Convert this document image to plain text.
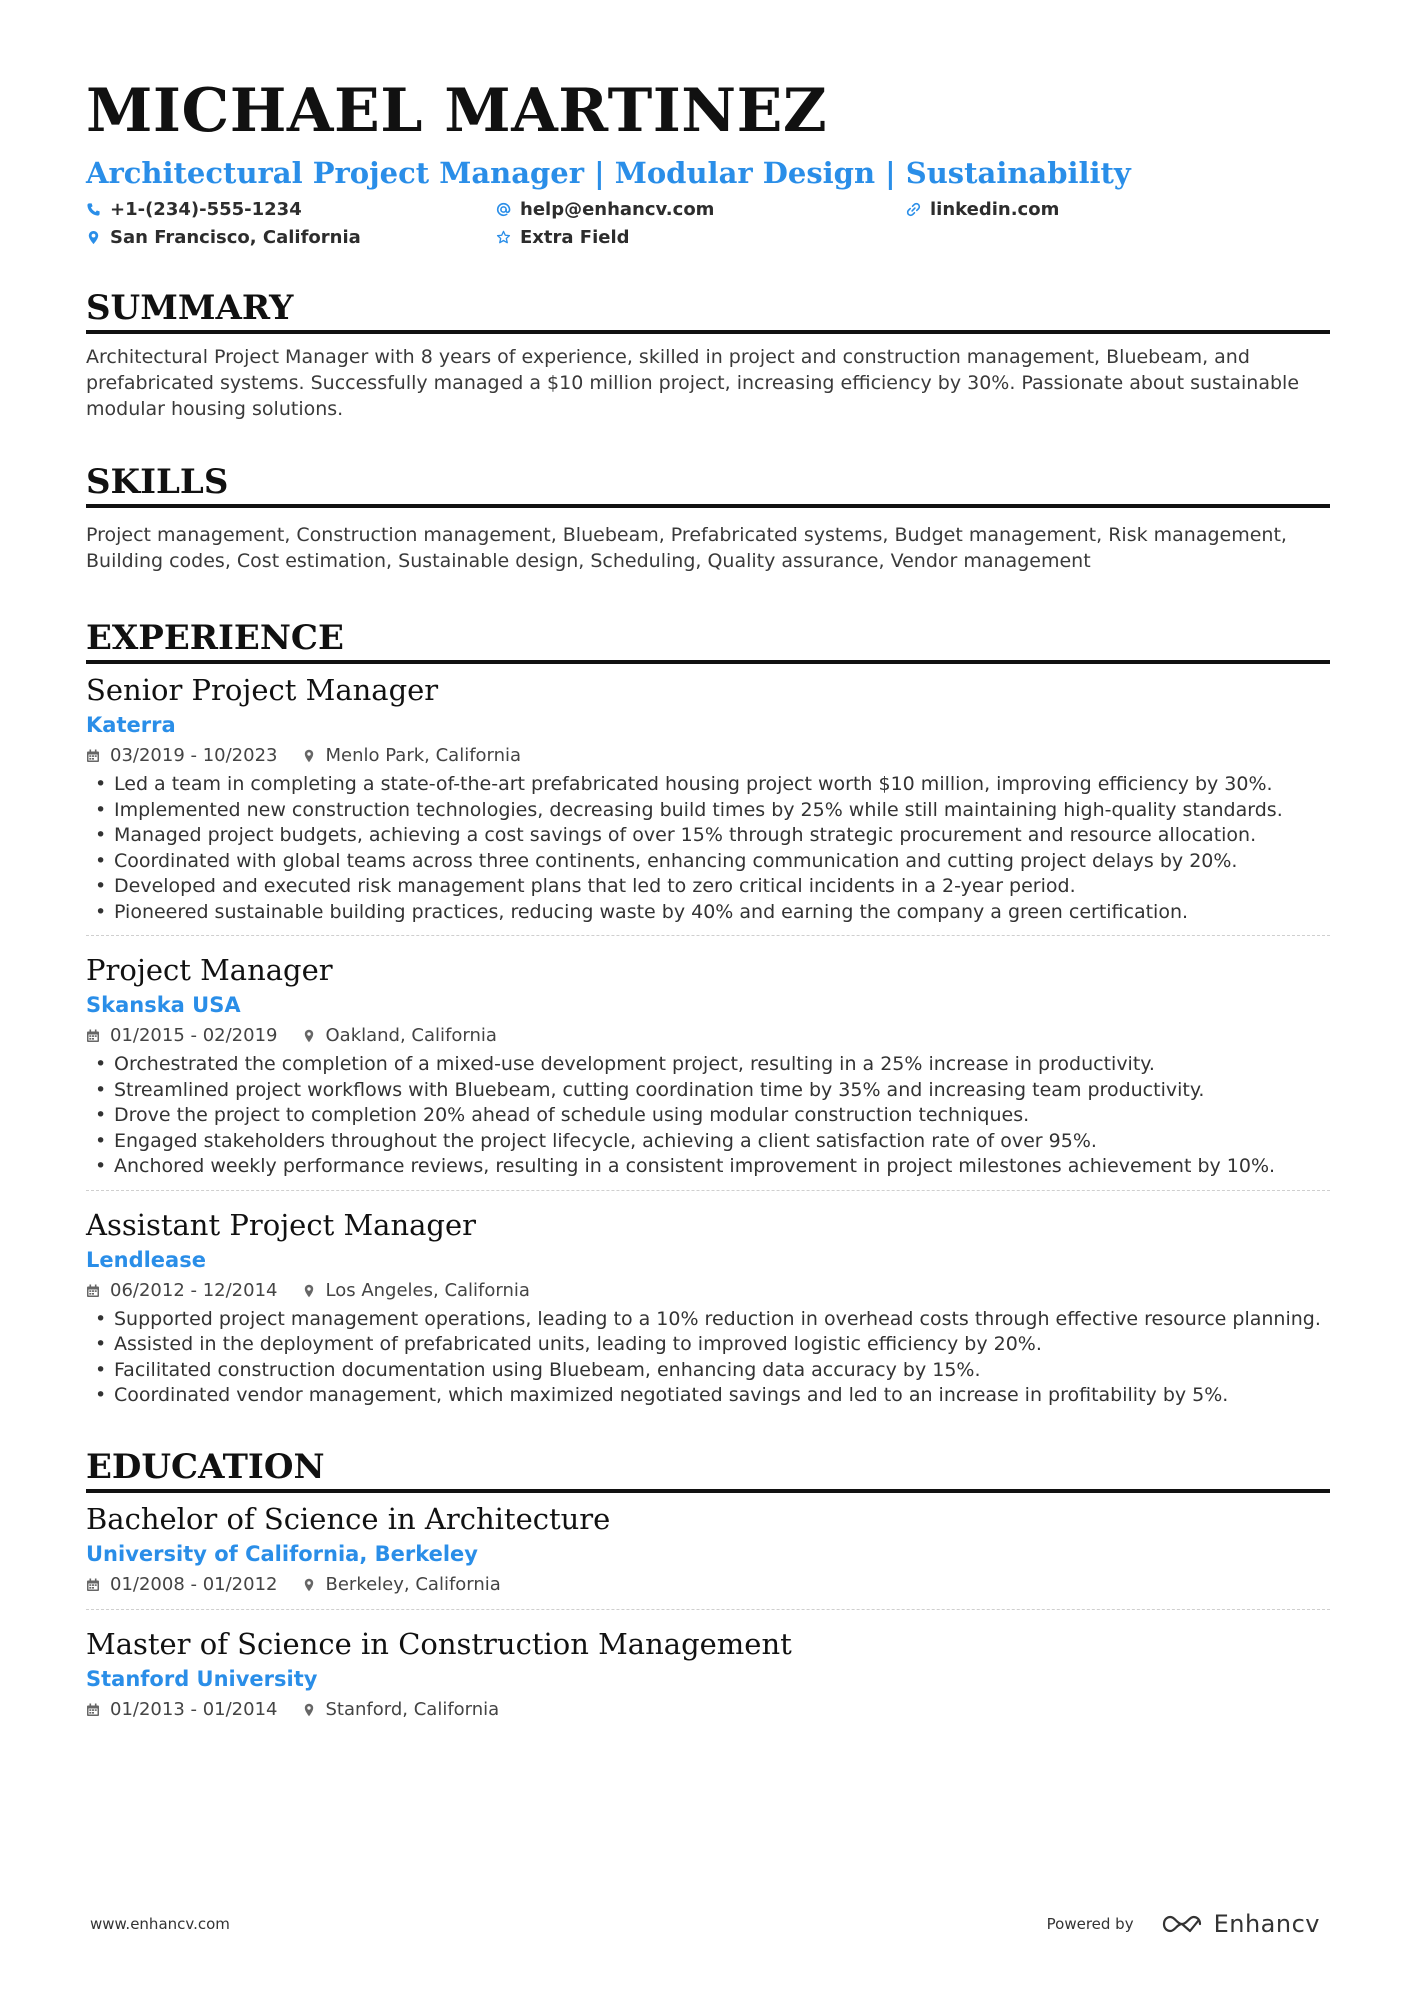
MICHAEL MARTINEZ
Architectural Project Manager | Modular Design | Sustainability
+1-(234)-555-1234	help@enhancv.com	linkedin.com
San Francisco, California	Extra Field
SUMMARY
Architectural Project Manager with 8 years of experience, skilled in project and construction management, Bluebeam, and prefabricated systems. Successfully managed a $10 million project, increasing efficiency by 30%. Passionate about sustainable modular housing solutions.
SKILLS
Project management, Construction management, Bluebeam, Prefabricated systems, Budget management, Risk management, Building codes, Cost estimation, Sustainable design, Scheduling, Quality assurance, Vendor management
EXPERIENCE
Senior Project Manager
Katerra
03/2019 - 10/2023	Menlo Park, California
• Led a team in completing a state-of-the-art prefabricated housing project worth $10 million, improving efficiency by 30%.
• Implemented new construction technologies, decreasing build times by 25% while still maintaining high-quality standards.
• Managed project budgets, achieving a cost savings of over 15% through strategic procurement and resource allocation.
• Coordinated with global teams across three continents, enhancing communication and cutting project delays by 20%.
• Developed and executed risk management plans that led to zero critical incidents in a 2-year period.
• Pioneered sustainable building practices, reducing waste by 40% and earning the company a green certification.
Project Manager
Skanska USA
01/2015 - 02/2019	Oakland, California
• Orchestrated the completion of a mixed-use development project, resulting in a 25% increase in productivity.
• Streamlined project workflows with Bluebeam, cutting coordination time by 35% and increasing team productivity.
• Drove the project to completion 20% ahead of schedule using modular construction techniques.
• Engaged stakeholders throughout the project lifecycle, achieving a client satisfaction rate of over 95%.
• Anchored weekly performance reviews, resulting in a consistent improvement in project milestones achievement by 10%.
Assistant Project Manager
Lendlease
06/2012 - 12/2014	Los Angeles, California
• Supported project management operations, leading to a 10% reduction in overhead costs through effective resource planning.
• Assisted in the deployment of prefabricated units, leading to improved logistic efficiency by 20%.
• Facilitated construction documentation using Bluebeam, enhancing data accuracy by 15%.
• Coordinated vendor management, which maximized negotiated savings and led to an increase in profitability by 5%.
EDUCATION
Bachelor of Science in Architecture
University of California, Berkeley
01/2008 - 01/2012	Berkeley, California
Master of Science in Construction Management
Stanford University
01/2013 - 01/2014	Stanford, California
www.enhancv.com	Powered by	Enhancv
